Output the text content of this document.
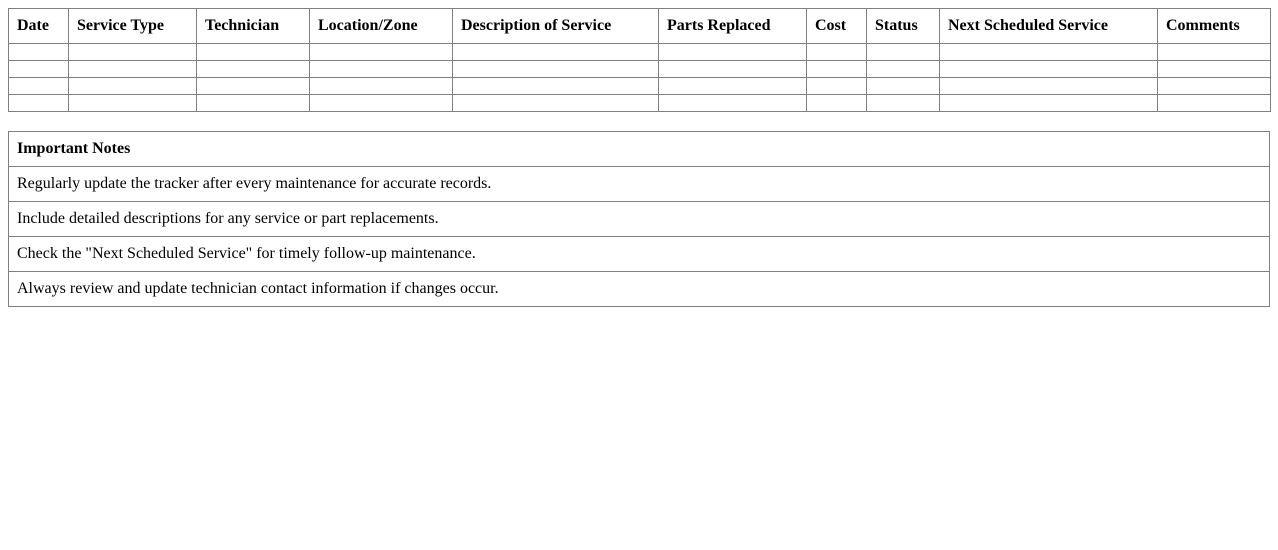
Date	Service Type	Technician	Location/Zone	Description of Service	Parts Replaced	Cost	Status	Next Scheduled Service	Comments

Important Notes
Regularly update the tracker after every maintenance for accurate records.
Include detailed descriptions for any service or part replacements.
Check the "Next Scheduled Service" for timely follow-up maintenance.
Always review and update technician contact information if changes occur.
